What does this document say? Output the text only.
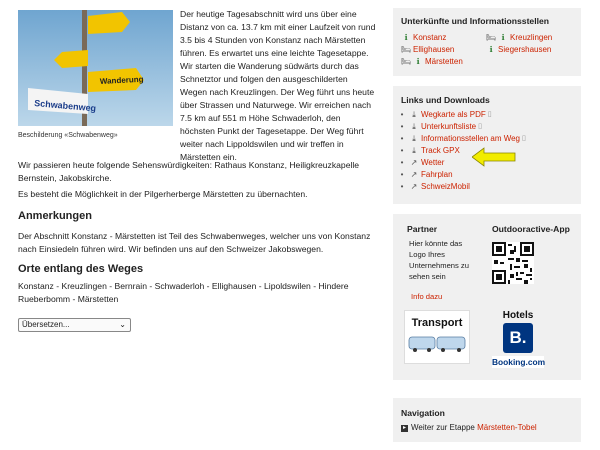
Wanderung
Schwabenweg
Beschilderung «Schwabenweg»
Der heutige Tagesabschnitt wird uns über eine Distanz von ca. 13.7 km mit einer Laufzeit von rund 3.5 bis 4 Stunden von Konstanz nach Märstetten führen. Es erwartet uns eine leichte Tagesetappe. Wir starten die Wanderung südwärts durch das Schnetztor und folgen den ausgeschilderten Wegen nach Kreuzlingen. Der Weg führt uns heute über Strassen und Naturwege. Wir erreichen nach 7.5 km auf 551 m Höhe Schwaderloh, den höchsten Punkt der Tagesetappe. Der Weg führt weiter nach Lippoldswilen und wir treffen in Märstetten ein.
Wir passieren heute folgende Sehenswürdigkeiten: Rathaus Konstanz, Heiligkreuzkapelle Bernstein, Jakobskirche.
Es besteht die Möglichkeit in der Pilgerherberge Märstetten zu übernachten.
Anmerkungen
Der Abschnitt Konstanz - Märstetten ist Teil des Schwabenweges, welcher uns von Konstanz nach Einsiedeln führen wird. Wir befinden uns auf den Schweizer Jakobswegen.
Orte entlang des Weges
Konstanz - Kreuzlingen - Bernrain - Schwaderloh - Ellighausen - Lipoldswilen - Hindere Rueberbomm - Märstetten
Übersetzen...	⌄
Unterkünfte und Informationsstellen
ℹ Konstanz	🛏 ℹ Kreuzlingen
🛏 Ellighausen	ℹ Siegershausen
🛏 ℹ Märstetten
Links und Downloads
•	⤓ Wegkarte als PDF ▯
•	⤓ Unterkunftsliste ▯
•	⤓ Informationsstellen am Weg ▯
•	⤓ Track GPX
• ↗ Wetter
• ↗ Fahrplan
• ↗ SchweizMobil
Partner
Hier könnte das Logo Ihres Unternehmens zu sehen sein
Info dazu
Outdooractive-App
Transport
Hotels
B.
Booking.com
Navigation
▸ Weiter zur Etappe
Märstetten-Tobel
